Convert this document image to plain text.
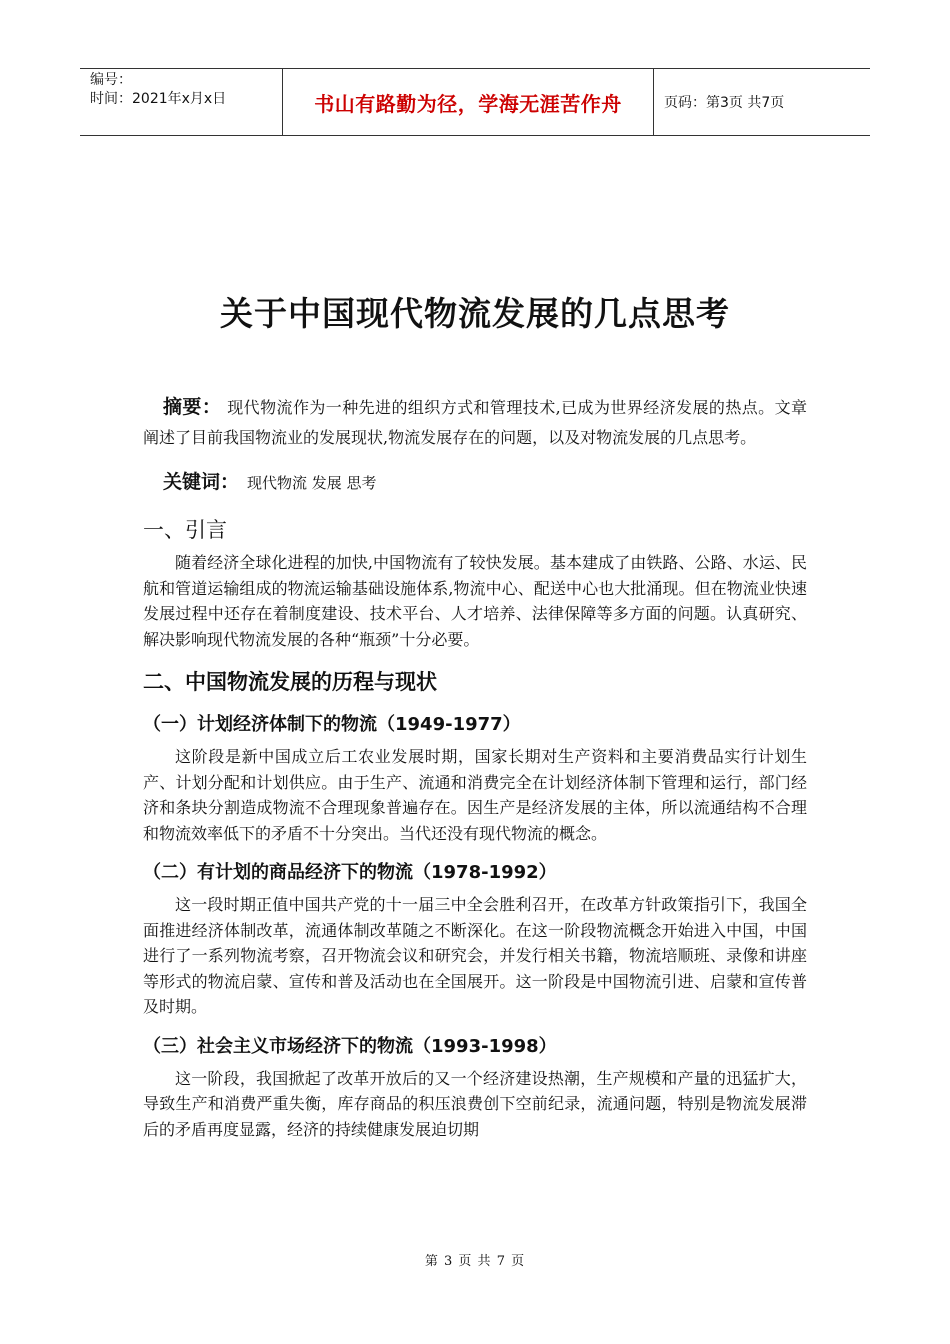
编号：
时间：2021年x月x日	书山有路勤为径，学海无涯苦作舟	页码：第3页 共7页
关于中国现代物流发展的几点思考

摘要： 现代物流作为一种先进的组织方式和管理技术,已成为世界经济发展的热点。文章阐述了目前我国物流业的发展现状,物流发展存在的问题，以及对物流发展的几点思考。

关键词： 现代物流 发展 思考
一、引言

随着经济全球化进程的加快,中国物流有了较快发展。基本建成了由铁路、公路、水运、民航和管道运输组成的物流运输基础设施体系,物流中心、配送中心也大批涌现。但在物流业快速发展过程中还存在着制度建设、技术平台、人才培养、法律保障等多方面的问题。认真研究、解决影响现代物流发展的各种“瓶颈”十分必要。

二、中国物流发展的历程与现状
（一）计划经济体制下的物流（1949-1977）

这阶段是新中国成立后工农业发展时期，国家长期对生产资料和主要消费品实行计划生产、计划分配和计划供应。由于生产、流通和消费完全在计划经济体制下管理和运行，部门经济和条块分割造成物流不合理现象普遍存在。因生产是经济发展的主体，所以流通结构不合理和物流效率低下的矛盾不十分突出。当代还没有现代物流的概念。

（二）有计划的商品经济下的物流（1978-1992）

这一段时期正值中国共产党的十一届三中全会胜利召开，在改革方针政策指引下，我国全面推进经济体制改革，流通体制改革随之不断深化。在这一阶段物流概念开始进入中国，中国进行了一系列物流考察，召开物流会议和研究会，并发行相关书籍，物流培顺班、录像和讲座等形式的物流启蒙、宣传和普及活动也在全国展开。这一阶段是中国物流引进、启蒙和宣传普及时期。

（三）社会主义市场经济下的物流（1993-1998）

这一阶段，我国掀起了改革开放后的又一个经济建设热潮，生产规模和产量的迅猛扩大，导致生产和消费严重失衡，库存商品的积压浪费创下空前纪录，流通问题，特别是物流发展滞后的矛盾再度显露，经济的持续健康发展迫切期

第 3 页 共 7 页
